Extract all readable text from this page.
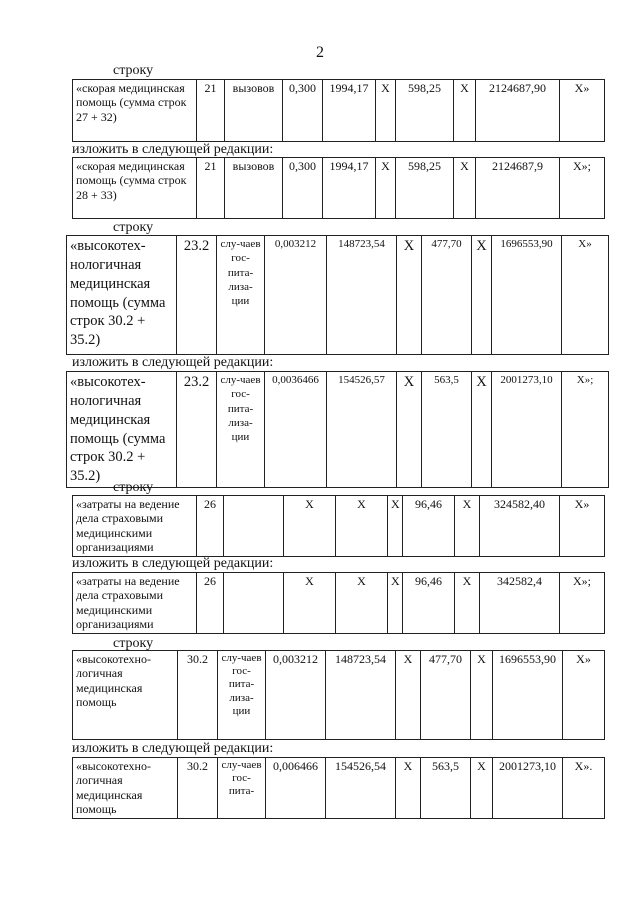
2
строку
«скорая медицинская помощь (сумма строк 27 + 32)	21	вызовов	0,300	1994,17	X	598,25	X	2124687,90	X»
изложить в следующей редакции:
«скорая медицинская помощь (сумма строк 28 + 33)	21	вызовов	0,300	1994,17	X	598,25	X	2124687,9	X»;
строку
«высокотех-нологичная медицинская помощь (сумма строк 30.2 + 35.2)	23.2	слу-чаев гос-пита-лиза-ции	0,003212	148723,54	X	477,70	X	1696553,90	X»
изложить в следующей редакции:
«высокотех-нологичная медицинская помощь (сумма строк 30.2 + 35.2)	23.2	слу-чаев гос-пита-лиза-ции	0,0036466	154526,57	X	563,5	X	2001273,10	X»;
строку
«затраты на ведение дела страховыми медицинскими организациями	26		X	X	X	96,46	X	324582,40	X»
изложить в следующей редакции:
«затраты на ведение дела страховыми медицинскими организациями	26		X	X	X	96,46	X	342582,4	X»;
строку
«высокотехно-логичная медицинская помощь	30.2	слу-чаев гос-пита-лиза-ции	0,003212	148723,54	X	477,70	X	1696553,90	X»
изложить в следующей редакции:
«высокотехно-логичная медицинская помощь	30.2	слу-чаев гос-пита-	0,006466	154526,54	X	563,5	X	2001273,10	X».
